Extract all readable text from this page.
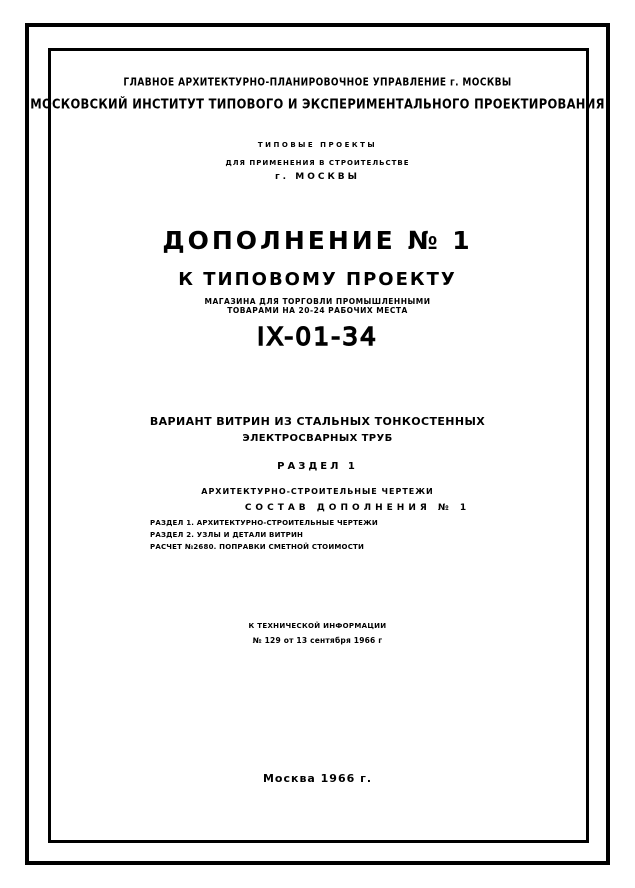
ГЛАВНОЕ АРХИТЕКТУРНО-ПЛАНИРОВОЧНОЕ УПРАВЛЕНИЕ г. МОСКВЫ
МОСКОВСКИЙ ИНСТИТУТ ТИПОВОГО И ЭКСПЕРИМЕНТАЛЬНОГО ПРОЕКТИРОВАНИЯ
ТИПОВЫЕ ПРОЕКТЫ
ДЛЯ ПРИМЕНЕНИЯ В СТРОИТЕЛЬСТВЕ
г. МОСКВЫ
ДОПОЛНЕНИЕ № 1
К ТИПОВОМУ ПРОЕКТУ
МАГАЗИНА ДЛЯ ТОРГОВЛИ ПРОМЫШЛЕННЫМИ
ТОВАРАМИ НА 20-24 РАБОЧИХ МЕСТА
IX-01-34
ВАРИАНТ ВИТРИН ИЗ СТАЛЬНЫХ ТОНКОСТЕННЫХ
ЭЛЕКТРОСВАРНЫХ ТРУБ
РАЗДЕЛ 1
АРХИТЕКТУРНО-СТРОИТЕЛЬНЫЕ ЧЕРТЕЖИ
СОСТАВ ДОПОЛНЕНИЯ № 1
РАЗДЕЛ 1. АРХИТЕКТУРНО-СТРОИТЕЛЬНЫЕ ЧЕРТЕЖИ
РАЗДЕЛ 2. УЗЛЫ И ДЕТАЛИ ВИТРИН
РАСЧЕТ №2680. ПОПРАВКИ СМЕТНОЙ СТОИМОСТИ
К ТЕХНИЧЕСКОЙ ИНФОРМАЦИИ
№ 129 от 13 сентября 1966 г
Москва 1966 г.
